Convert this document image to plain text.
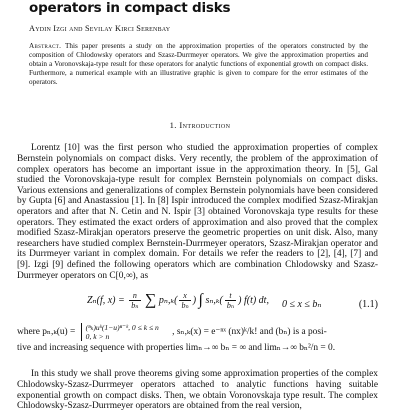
operators in compact disks
Aydin Izgi and Sevilay Kirci Serenbay
Abstract. This paper presents a study on the approximation properties of the operators constructed by the composition of Chlodowsky operators and Szasz-Durrmeyer operators. We give the approximation properties and obtain a Voronovskaja-type result for these operators for analytic functions of exponential growth on compact disks. Furthermore, a numerical example with an illustrative graphic is given to compare for the error estimates of the operators.
1. Introduction

Lorentz [10] was the first person who studied the approximation properties of complex Bernstein polynomials on compact disks. Very recently, the problem of the approximation of complex operators has become an important issue in the approximation theory. In [5], Gal studied the Voronovskaja-type result for complex Bernstein polynomials on compact disks. Various extensions and generalizations of complex Bernstein polynomials have been considered by Gupta [6] and Anastassiou [1]. In [8] Ispir introduced the complex modified Szasz-Mirakjan operators and after that N. Cetin and N. Ispir [3] obtained Voronovskaja type results for these operators. They estimated the exact orders of approximation and also proved that the complex modified Szasz-Mirakjan operators preserve the geometric properties on unit disk. Also, many researchers have studied complex Bernstein-Durrmeyer operators, Szasz-Mirakjan operator and its Durrmeyer variant in complex domain. For details we refer the readers to [2], [4], [7] and [9]. Izgi [9] defined the following operators which are combination Chlodowsky and Szasz-Durrmeyer operators on C[0,∞), as

Zₙ(f, $x) = \frac{n}{\text{bₙ}}$ ∑ $p_n,_k( \frac{x}{\text{bₙ}}$ ) ∫ $s_n,_k( \frac{t}{\text{bₙ}}$ ) f(t) dt, 0 ≤ x ≤ bₙ	(1.1)
where pₙ,ₖ(u) = (ⁿₖ)uᵏ(1−u)ⁿ⁻ᵏ, 0 ≤ k ≤ n
0, k > n	, sₙ,ₖ(x) = e⁻ⁿˣ (nx)ᵏ/k! and (bₙ) is a posi-
tive and increasing sequence with properties limₙ→∞ bₙ = ∞ and limₙ→∞ bₙ²/n = 0.

In this study we shall prove theorems giving some approximation properties of the complex Chlodowsky-Szasz-Durrmeyer operators attached to analytic functions having suitable exponential growth on compact disks. Then, we obtain Voronovskaja type result. The complex Chlodowsky-Szasz-Durrmeyer operators are obtained from the real version,
